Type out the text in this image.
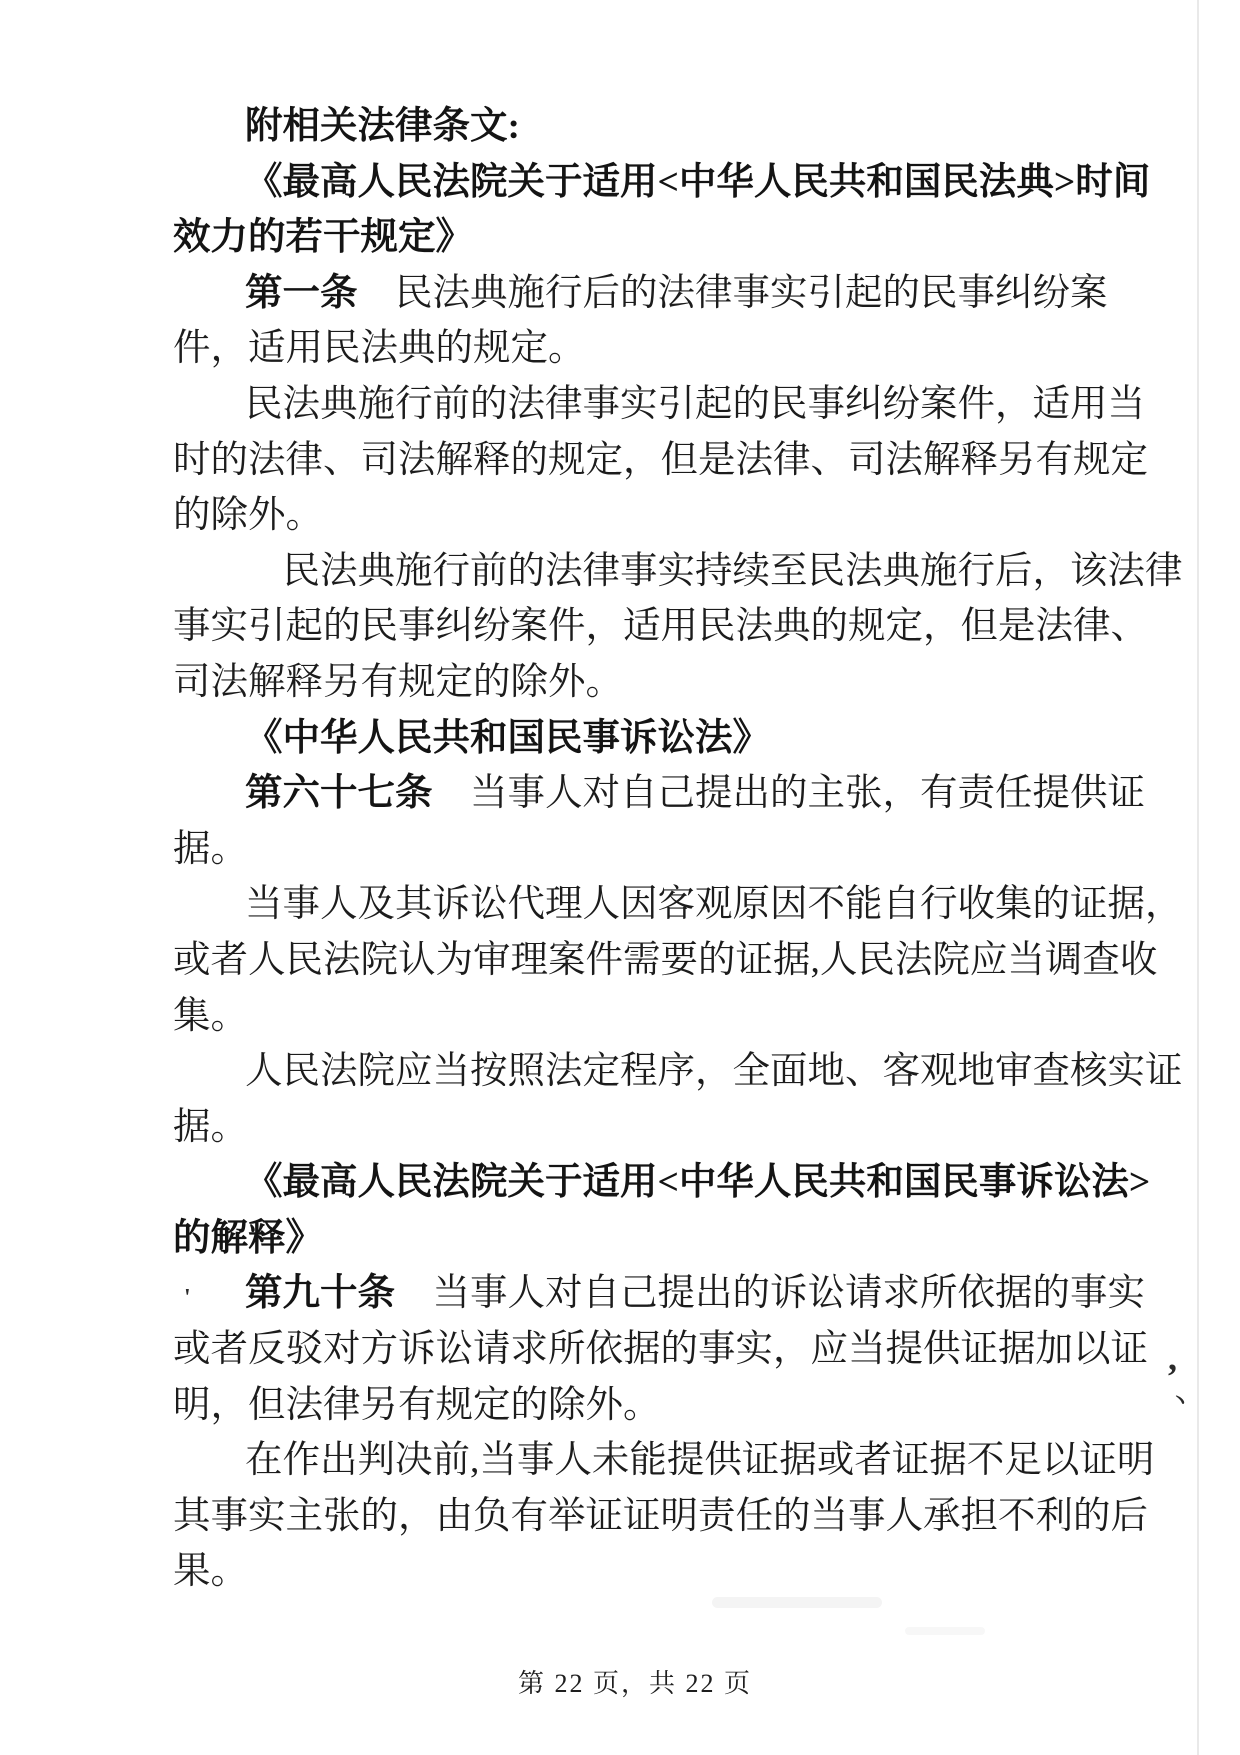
附相关法律条文:
《最高人民法院关于适用<中华人民共和国民法典>时间
效力的若干规定》
第一条　民法典施行后的法律事实引起的民事纠纷案
件，适用民法典的规定。
民法典施行前的法律事实引起的民事纠纷案件，适用当
时的法律、司法解释的规定，但是法律、司法解释另有规定
的除外。
　民法典施行前的法律事实持续至民法典施行后，该法律
事实引起的民事纠纷案件，适用民法典的规定，但是法律、
司法解释另有规定的除外。
《中华人民共和国民事诉讼法》
第六十七条　当事人对自己提出的主张，有责任提供证
据。
当事人及其诉讼代理人因客观原因不能自行收集的证据，
或者人民法院认为审理案件需要的证据,人民法院应当调查收
集。
人民法院应当按照法定程序，全面地、客观地审查核实证
据。
《最高人民法院关于适用<中华人民共和国民事诉讼法>
的解释》
第九十条　当事人对自己提出的诉讼请求所依据的事实
或者反驳对方诉讼请求所依据的事实，应当提供证据加以证
明，但法律另有规定的除外。
在作出判决前,当事人未能提供证据或者证据不足以证明
其事实主张的，由负有举证证明责任的当事人承担不利的后
果。
第 22 页，共 22 页
,
丶
'
